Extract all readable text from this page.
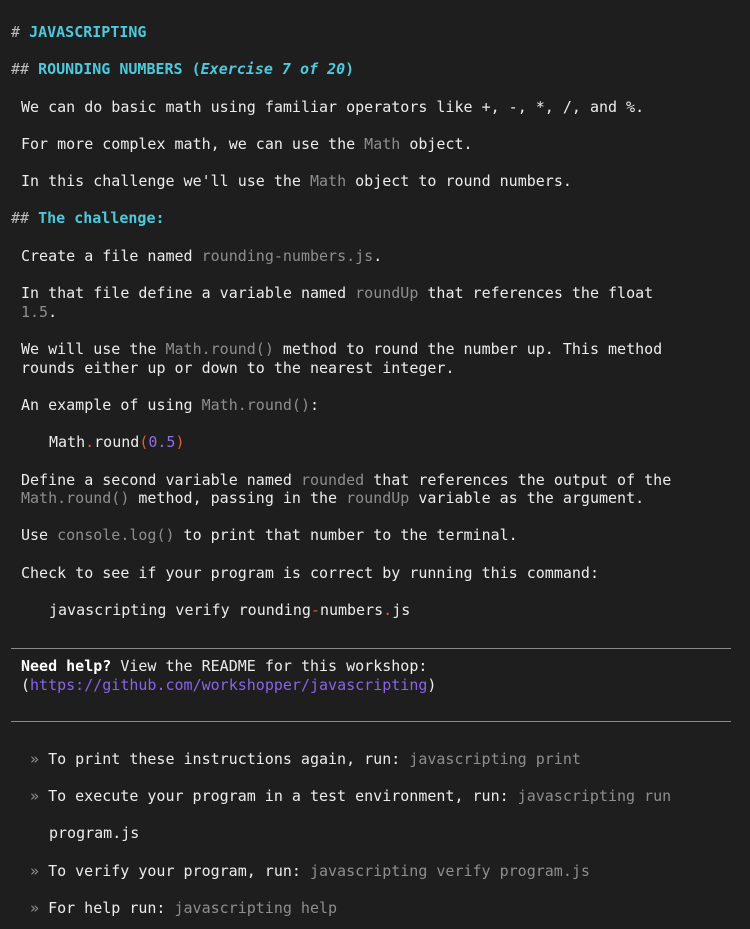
# JAVASCRIPTING
## ROUNDING NUMBERS (Exercise 7 of 20)
We can do basic math using familiar operators like +, -, *, /, and %.
For more complex math, we can use the Math object.
In this challenge we'll use the Math object to round numbers.
## The challenge:
Create a file named rounding-numbers.js.
In that file define a variable named roundUp that references the float
1.5.
We will use the Math.round() method to round the number up. This method
rounds either up or down to the nearest integer.
An example of using Math.round():
Math.round(0.5)
Define a second variable named rounded that references the output of the
Math.round() method, passing in the roundUp variable as the argument.
Use console.log() to print that number to the terminal.
Check to see if your program is correct by running this command:
javascripting verify rounding-numbers.js
Need help? View the README for this workshop:
(https://github.com/workshopper/javascripting)
» To print these instructions again, run: javascripting print
» To execute your program in a test environment, run: javascripting run
program.js
» To verify your program, run: javascripting verify program.js
» For help run: javascripting help
